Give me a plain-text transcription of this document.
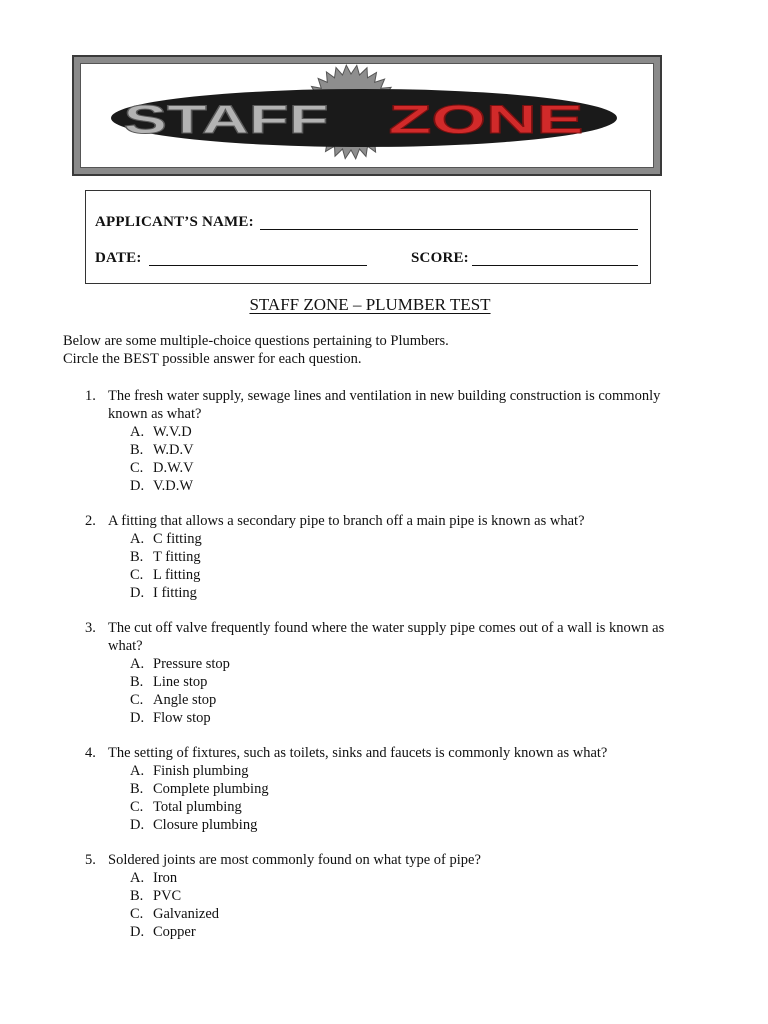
STAFF ZONE
APPLICANT’S NAME:
DATE:	SCORE:
STAFF ZONE – PLUMBER TEST
Below are some multiple-choice questions pertaining to Plumbers.
Circle the BEST possible answer for each question.
1. The fresh water supply, sewage lines and ventilation in new building construction is commonly known as what?
A. W.V.D
B. W.D.V
C. D.W.V
D. V.D.W
2. A fitting that allows a secondary pipe to branch off a main pipe is known as what?
A. C fitting
B. T fitting
C. L fitting
D. I fitting
3. The cut off valve frequently found where the water supply pipe comes out of a wall is known as what?
A. Pressure stop
B. Line stop
C. Angle stop
D. Flow stop
4. The setting of fixtures, such as toilets, sinks and faucets is commonly known as what?
A. Finish plumbing
B. Complete plumbing
C. Total plumbing
D. Closure plumbing
5. Soldered joints are most commonly found on what type of pipe?
A. Iron
B. PVC
C. Galvanized
D. Copper
